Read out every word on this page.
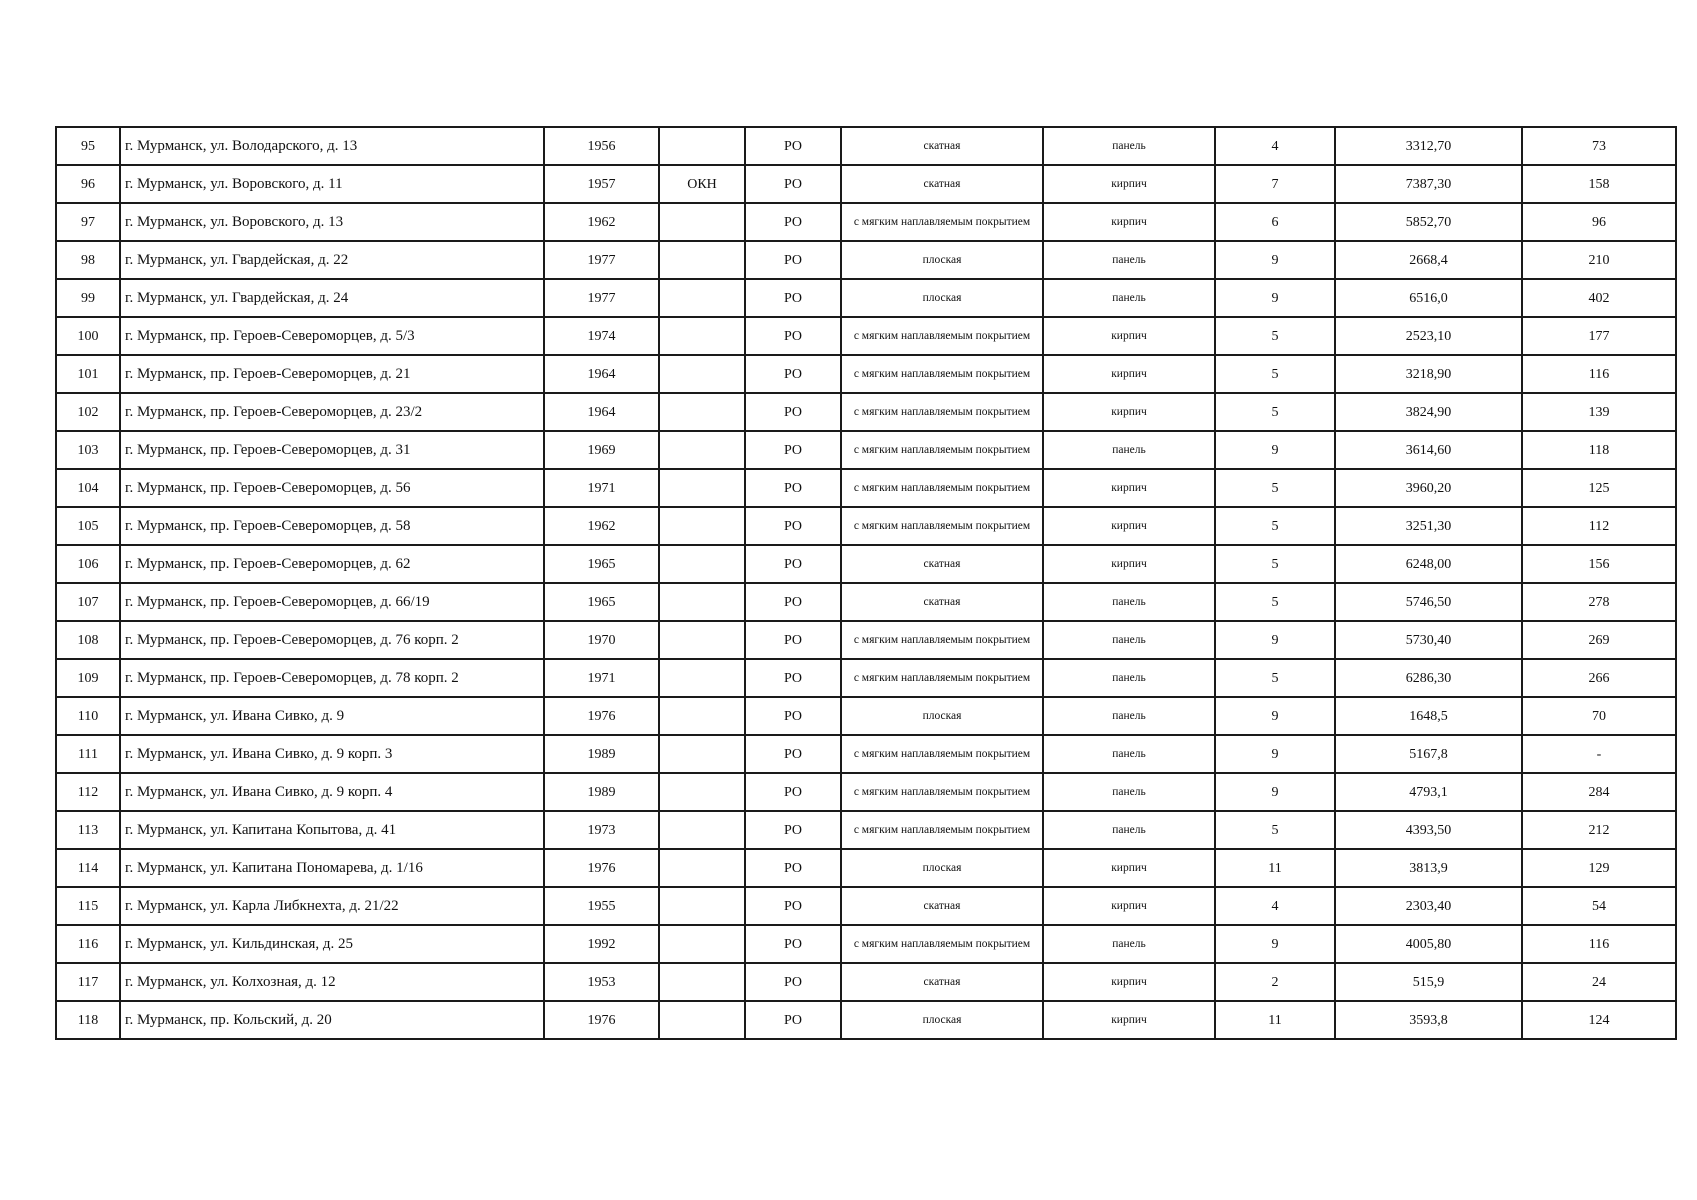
95	г. Мурманск, ул. Володарского, д. 13	1956		РО	скатная	панель	4	3312,70	73
96	г. Мурманск, ул. Воровского, д. 11	1957	ОКН	РО	скатная	кирпич	7	7387,30	158
97	г. Мурманск, ул. Воровского, д. 13	1962		РО	с мягким наплавляемым покрытием	кирпич	6	5852,70	96
98	г. Мурманск, ул. Гвардейская, д. 22	1977		РО	плоская	панель	9	2668,4	210
99	г. Мурманск, ул. Гвардейская, д. 24	1977		РО	плоская	панель	9	6516,0	402
100	г. Мурманск, пр. Героев-Североморцев, д. 5/3	1974		РО	с мягким наплавляемым покрытием	кирпич	5	2523,10	177
101	г. Мурманск, пр. Героев-Североморцев, д. 21	1964		РО	с мягким наплавляемым покрытием	кирпич	5	3218,90	116
102	г. Мурманск, пр. Героев-Североморцев, д. 23/2	1964		РО	с мягким наплавляемым покрытием	кирпич	5	3824,90	139
103	г. Мурманск, пр. Героев-Североморцев, д. 31	1969		РО	с мягким наплавляемым покрытием	панель	9	3614,60	118
104	г. Мурманск, пр. Героев-Североморцев, д. 56	1971		РО	с мягким наплавляемым покрытием	кирпич	5	3960,20	125
105	г. Мурманск, пр. Героев-Североморцев, д. 58	1962		РО	с мягким наплавляемым покрытием	кирпич	5	3251,30	112
106	г. Мурманск, пр. Героев-Североморцев, д. 62	1965		РО	скатная	кирпич	5	6248,00	156
107	г. Мурманск, пр. Героев-Североморцев, д. 66/19	1965		РО	скатная	панель	5	5746,50	278
108	г. Мурманск, пр. Героев-Североморцев, д. 76 корп. 2	1970		РО	с мягким наплавляемым покрытием	панель	9	5730,40	269
109	г. Мурманск, пр. Героев-Североморцев, д. 78 корп. 2	1971		РО	с мягким наплавляемым покрытием	панель	5	6286,30	266
110	г. Мурманск, ул. Ивана Сивко, д. 9	1976		РО	плоская	панель	9	1648,5	70
111	г. Мурманск, ул. Ивана Сивко, д. 9 корп. 3	1989		РО	с мягким наплавляемым покрытием	панель	9	5167,8	-
112	г. Мурманск, ул. Ивана Сивко, д. 9 корп. 4	1989		РО	с мягким наплавляемым покрытием	панель	9	4793,1	284
113	г. Мурманск, ул. Капитана Копытова, д. 41	1973		РО	с мягким наплавляемым покрытием	панель	5	4393,50	212
114	г. Мурманск, ул. Капитана Пономарева, д. 1/16	1976		РО	плоская	кирпич	11	3813,9	129
115	г. Мурманск, ул. Карла Либкнехта, д. 21/22	1955		РО	скатная	кирпич	4	2303,40	54
116	г. Мурманск, ул. Кильдинская, д. 25	1992		РО	с мягким наплавляемым покрытием	панель	9	4005,80	116
117	г. Мурманск, ул. Колхозная, д. 12	1953		РО	скатная	кирпич	2	515,9	24
118	г. Мурманск, пр. Кольский, д. 20	1976		РО	плоская	кирпич	11	3593,8	124
